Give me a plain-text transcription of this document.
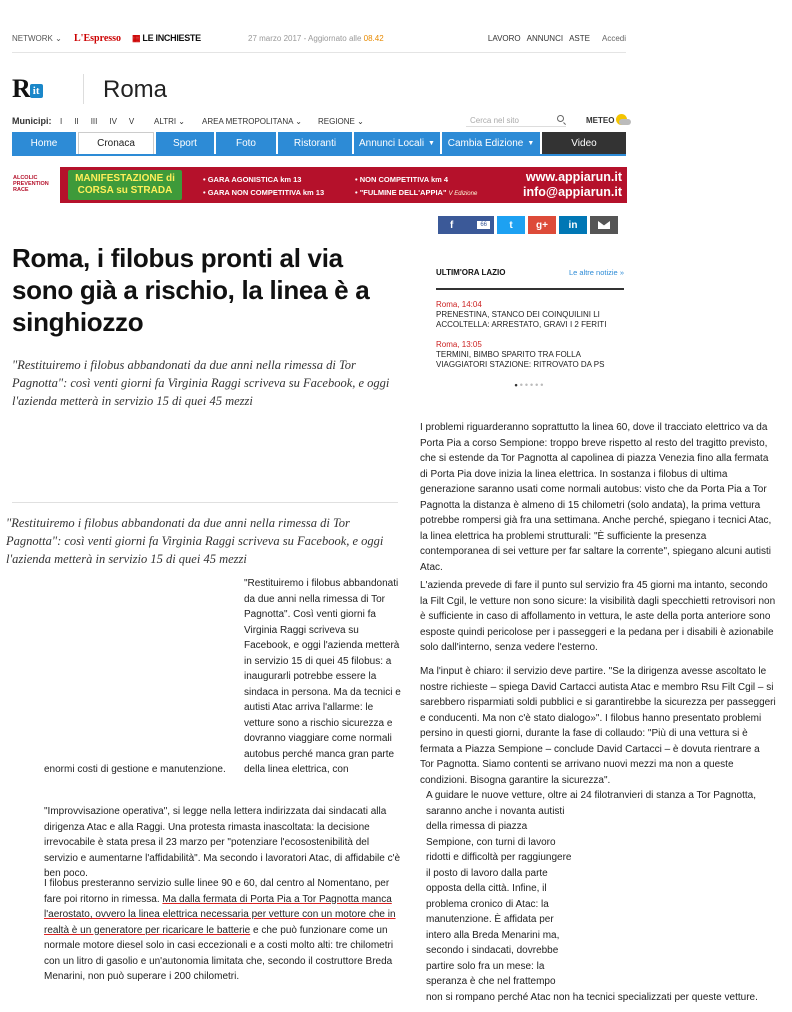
NETWORK ⌄ L'Espresso ▦ LE INCHIESTE	27 marzo 2017 - Aggiornato alle 08.42	LAVORO ANNUNCI ASTE Accedi
R it	Roma
Municipi: I II III IV V ALTRI ⌄ AREA METROPOLITANA ⌄ REGIONE ⌄	Cerca nel sito	METEO
Home	Cronaca	Sport	Foto	Ristoranti Annunci Locali ▼ Cambia Edizione ▼	Video
ALCOLIC PREVENTION RACE
MANIFESTAZIONE di CORSA su STRADA
• GARA AGONISTICA km 13
• GARA NON COMPETITIVA km 13
• NON COMPETITIVA km 4
• "FULMINE DELL'APPIA" V Edizione
www.appiarun.it
info@appiarun.it
f	66	t g+ in
Roma, i filobus pronti al via sono già a rischio, la linea è a singhiozzo

"Restituiremo i filobus abbandonati da due anni nella rimessa di Tor Pagnotta": così venti giorni fa Virginia Raggi scriveva su Facebook, e oggi l'azienda metterà in servizio 15 di quei 45 mezzi

"Restituiremo i filobus abbandonati da due anni nella rimessa di Tor Pagnotta": così venti giorni fa Virginia Raggi scriveva su Facebook, e oggi l'azienda metterà in servizio 15 di quei 45 mezzi

ULTIM'ORA LAZIO	Le altre notizie »
Roma, 14:04
PRENESTINA, STANCO DEI COINQUILINI LI ACCOLTELLA: ARRESTATO, GRAVI I 2 FERITI
Roma, 13:05
TERMINI, BIMBO SPARITO TRA FOLLA VIAGGIATORI STAZIONE: RITROVATO DA PS
••••••

"Restituiremo i filobus abbandonati da due anni nella rimessa di Tor Pagnotta". Così venti giorni fa Virginia Raggi scriveva su Facebook, e oggi l'azienda metterà in servizio 15 di quei 45 filobus: a inaugurarli potrebbe essere la sindaca in persona. Ma da tecnici e autisti Atac arriva l'allarme: le vetture sono a rischio sicurezza e dovranno viaggiare come normali autobus perché manca gran parte della linea elettrica, con

enormi costi di gestione e manutenzione.

"Improvvisazione operativa", si legge nella lettera indirizzata dai sindacati alla dirigenza Atac e alla Raggi. Una protesta rimasta inascoltata: la decisione irrevocabile è stata presa il 23 marzo per "potenziare l'ecosostenibilità del servizio e aumentarne l'affidabilità". Ma secondo i lavoratori Atac, di affidabile c'è ben poco.

I filobus presteranno servizio sulle linee 90 e 60, dal centro al Nomentano, per fare poi ritorno in rimessa. Ma dalla fermata di Porta Pia a Tor Pagnotta manca l'aerostato, ovvero la linea elettrica necessaria per vetture con un motore che in realtà è un generatore per ricaricare le batterie e che può funzionare come un normale motore diesel solo in casi eccezionali e a costi molto alti: tre chilometri con un litro di gasolio e un'autonomia limitata che, secondo il costruttore Breda Menarini, non può superare i 200 chilometri.

I problemi riguarderanno soprattutto la linea 60, dove il tracciato elettrico va da Porta Pia a corso Sempione: troppo breve rispetto al resto del tragitto previsto, che si estende da Tor Pagnotta al capolinea di piazza Venezia fino alla fermata di Porta Pia dove inizia la linea elettrica. In sostanza i filobus di ultima generazione saranno usati come normali autobus: visto che da Porta Pia a Tor Pagnotta la distanza è almeno di 15 chilometri (solo andata), la prima vettura potrebbe rompersi già fra una settimana. Anche perché, spiegano i tecnici Atac, la linea elettrica ha problemi strutturali: "È sufficiente la presenza contemporanea di sei vetture per far saltare la corrente", spiegano alcuni autisti Atac.

L'azienda prevede di fare il punto sul servizio fra 45 giorni ma intanto, secondo la Filt Cgil, le vetture non sono sicure: la visibilità dagli specchietti retrovisori non è sufficiente in caso di affollamento in vettura, le aste della porta anteriore sono esposte quindi pericolose per i passeggeri e la pedana per i disabili è azionabile solo dall'interno, senza vedere l'esterno.

Ma l'input è chiaro: il servizio deve partire. "Se la dirigenza avesse ascoltato le nostre richieste – spiega David Cartacci autista Atac e membro Rsu Filt Cgil – si sarebbero risparmiati soldi pubblici e si garantirebbe la sicurezza per passeggeri e conducenti. Ma non c'è stato dialogo»". I filobus hanno presentato problemi persino in questi giorni, durante la fase di collaudo: "Più di una vettura si è fermata a Piazza Sempione – conclude David Cartacci – è dovuta rientrare a Tor Pagnotta. Siamo contenti se arrivano nuovi mezzi ma non a queste condizioni. Bisogna garantire la sicurezza".

A guidare le nuove vetture, oltre ai 24 filotranvieri di stanza a Tor Pagnotta, saranno anche i novanta autisti
della rimessa di piazza Sempione, con turni di lavoro ridotti e difficoltà per raggiungere il posto di lavoro dalla parte opposta della città. Infine, il problema cronico di Atac: la manutenzione. È affidata per intero alla Breda Menarini ma, secondo i sindacati, dovrebbe partire solo fra un mese: la speranza è che nel frattempo
non si rompano perché Atac non ha tecnici specializzati per queste vetture.
